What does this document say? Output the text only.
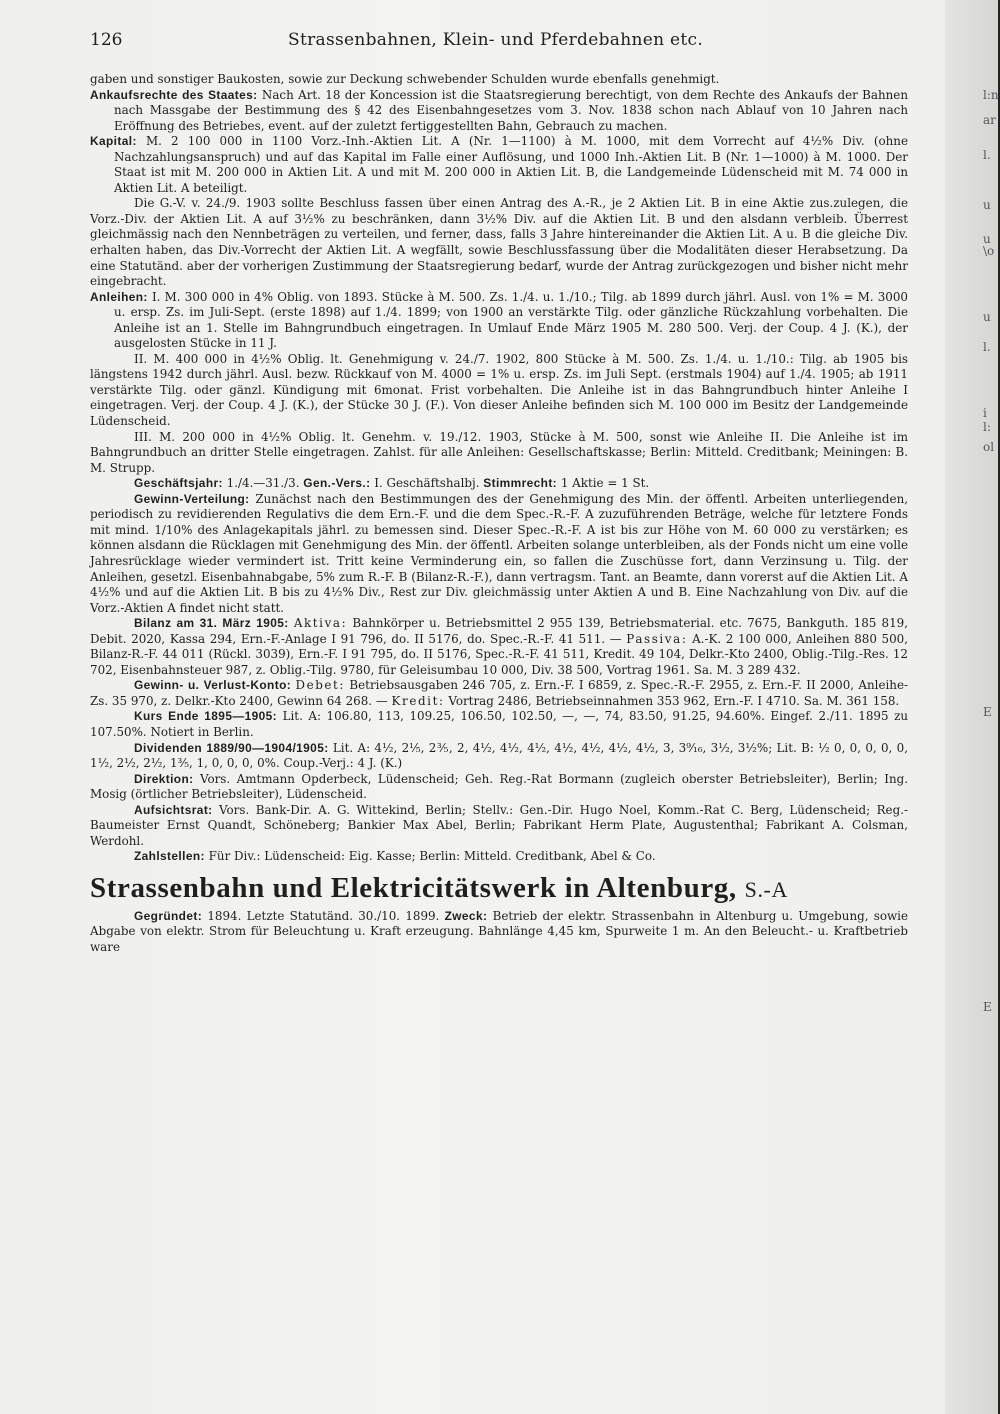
126	Strassenbahnen, Klein- und Pferdebahnen etc.

gaben und sonstiger Baukosten, sowie zur Deckung schwebender Schulden wurde ebenfalls genehmigt.

Ankaufsrechte des Staates: Nach Art. 18 der Koncession ist die Staatsregierung berechtigt, von dem Rechte des Ankaufs der Bahnen nach Massgabe der Bestimmung des § 42 des Eisenbahngesetzes vom 3. Nov. 1838 schon nach Ablauf von 10 Jahren nach Eröffnung des Betriebes, event. auf der zuletzt fertiggestellten Bahn, Gebrauch zu machen.

Kapital: M. 2 100 000 in 1100 Vorz.-Inh.-Aktien Lit. A (Nr. 1—1100) à M. 1000, mit dem Vorrecht auf 4½% Div. (ohne Nachzahlungsanspruch) und auf das Kapital im Falle einer Auflösung, und 1000 Inh.-Aktien Lit. B (Nr. 1—1000) à M. 1000. Der Staat ist mit M. 200 000 in Aktien Lit. A und mit M. 200 000 in Aktien Lit. B, die Landgemeinde Lüdenscheid mit M. 74 000 in Aktien Lit. A beteiligt.

Die G.-V. v. 24./9. 1903 sollte Beschluss fassen über einen Antrag des A.-R., je 2 Aktien Lit. B in eine Aktie zus.zulegen, die Vorz.-Div. der Aktien Lit. A auf 3½% zu beschränken, dann 3½% Div. auf die Aktien Lit. B und den alsdann verbleib. Überrest gleichmässig nach den Nennbeträgen zu verteilen, und ferner, dass, falls 3 Jahre hintereinander die Aktien Lit. A u. B die gleiche Div. erhalten haben, das Div.-Vorrecht der Aktien Lit. A wegfällt, sowie Beschlussfassung über die Modalitäten dieser Herabsetzung. Da eine Statutänd. aber der vorherigen Zustimmung der Staatsregierung bedarf, wurde der Antrag zurückgezogen und bisher nicht mehr eingebracht.

Anleihen: I. M. 300 000 in 4% Oblig. von 1893. Stücke à M. 500. Zs. 1./4. u. 1./10.; Tilg. ab 1899 durch jährl. Ausl. von 1% = M. 3000 u. ersp. Zs. im Juli-Sept. (erste 1898) auf 1./4. 1899; von 1900 an verstärkte Tilg. oder gänzliche Rückzahlung vorbehalten. Die Anleihe ist an 1. Stelle im Bahngrundbuch eingetragen. In Umlauf Ende März 1905 M. 280 500. Verj. der Coup. 4 J. (K.), der ausgelosten Stücke in 11 J.

II. M. 400 000 in 4½% Oblig. lt. Genehmigung v. 24./7. 1902, 800 Stücke à M. 500. Zs. 1./4. u. 1./10.: Tilg. ab 1905 bis längstens 1942 durch jährl. Ausl. bezw. Rückkauf von M. 4000 = 1% u. ersp. Zs. im Juli Sept. (erstmals 1904) auf 1./4. 1905; ab 1911 verstärkte Tilg. oder gänzl. Kündigung mit 6monat. Frist vorbehalten. Die Anleihe ist in das Bahngrundbuch hinter Anleihe I eingetragen. Verj. der Coup. 4 J. (K.), der Stücke 30 J. (F.). Von dieser Anleihe befinden sich M. 100 000 im Besitz der Landgemeinde Lüdenscheid.

III. M. 200 000 in 4½% Oblig. lt. Genehm. v. 19./12. 1903, Stücke à M. 500, sonst wie Anleihe II. Die Anleihe ist im Bahngrundbuch an dritter Stelle eingetragen. Zahlst. für alle Anleihen: Gesellschaftskasse; Berlin: Mitteld. Creditbank; Meiningen: B. M. Strupp.

Geschäftsjahr: 1./4.—31./3. Gen.-Vers.: I. Geschäftshalbj. Stimmrecht: 1 Aktie = 1 St.

Gewinn-Verteilung: Zunächst nach den Bestimmungen des der Genehmigung des Min. der öffentl. Arbeiten unterliegenden, periodisch zu revidierenden Regulativs die dem Ern.-F. und die dem Spec.-R.-F. A zuzuführenden Beträge, welche für letztere Fonds mit mind. 1/10% des Anlagekapitals jährl. zu bemessen sind. Dieser Spec.-R.-F. A ist bis zur Höhe von M. 60 000 zu verstärken; es können alsdann die Rücklagen mit Genehmigung des Min. der öffentl. Arbeiten solange unterbleiben, als der Fonds nicht um eine volle Jahresrücklage wieder vermindert ist. Tritt keine Verminderung ein, so fallen die Zuschüsse fort, dann Verzinsung u. Tilg. der Anleihen, gesetzl. Eisenbahnabgabe, 5% zum R.-F. B (Bilanz-R.-F.), dann vertragsm. Tant. an Beamte, dann vorerst auf die Aktien Lit. A 4½% und auf die Aktien Lit. B bis zu 4½% Div., Rest zur Div. gleichmässig unter Aktien A und B. Eine Nachzahlung von Div. auf die Vorz.-Aktien A findet nicht statt.

Bilanz am 31. März 1905: Aktiva: Bahnkörper u. Betriebsmittel 2 955 139, Betriebsmaterial. etc. 7675, Bankguth. 185 819, Debit. 2020, Kassa 294, Ern.-F.-Anlage I 91 796, do. II 5176, do. Spec.-R.-F. 41 511. — Passiva: A.-K. 2 100 000, Anleihen 880 500, Bilanz-R.-F. 44 011 (Rückl. 3039), Ern.-F. I 91 795, do. II 5176, Spec.-R.-F. 41 511, Kredit. 49 104, Delkr.-Kto 2400, Oblig.-Tilg.-Res. 12 702, Eisenbahnsteuer 987, z. Oblig.-Tilg. 9780, für Geleisumbau 10 000, Div. 38 500, Vortrag 1961. Sa. M. 3 289 432.

Gewinn- u. Verlust-Konto: Debet: Betriebsausgaben 246 705, z. Ern.-F. I 6859, z. Spec.-R.-F. 2955, z. Ern.-F. II 2000, Anleihe-Zs. 35 970, z. Delkr.-Kto 2400, Gewinn 64 268. — Kredit: Vortrag 2486, Betriebseinnahmen 353 962, Ern.-F. I 4710. Sa. M. 361 158.

Kurs Ende 1895—1905: Lit. A: 106.80, 113, 109.25, 106.50, 102.50, —, —, 74, 83.50, 91.25, 94.60%. Eingef. 2./11. 1895 zu 107.50%. Notiert in Berlin.

Dividenden 1889/90—1904/1905: Lit. A: 4½, 2⅕, 2⅗, 2, 4½, 4½, 4½, 4½, 4½, 4½, 4½, 3, 3⁹⁄₁₆, 3½, 3½%; Lit. B: ½ 0, 0, 0, 0, 0, 1½, 2½, 2½, 1⅗, 1, 0, 0, 0, 0%. Coup.-Verj.: 4 J. (K.)

Direktion: Vors. Amtmann Opderbeck, Lüdenscheid; Geh. Reg.-Rat Bormann (zugleich oberster Betriebsleiter), Berlin; Ing. Mosig (örtlicher Betriebsleiter), Lüdenscheid.

Aufsichtsrat: Vors. Bank-Dir. A. G. Wittekind, Berlin; Stellv.: Gen.-Dir. Hugo Noel, Komm.-Rat C. Berg, Lüdenscheid; Reg.-Baumeister Ernst Quandt, Schöneberg; Bankier Max Abel, Berlin; Fabrikant Herm Plate, Augustenthal; Fabrikant A. Colsman, Werdohl.

Zahlstellen: Für Div.: Lüdenscheid: Eig. Kasse; Berlin: Mitteld. Creditbank, Abel & Co.

Strassenbahn und Elektricitätswerk in Altenburg, S.-A

Gegründet: 1894. Letzte Statutänd. 30./10. 1899. Zweck: Betrieb der elektr. Strassenbahn in Altenburg u. Umgebung, sowie Abgabe von elektr. Strom für Beleuchtung u. Kraft erzeugung. Bahnlänge 4,45 km, Spurweite 1 m. An den Beleucht.- u. Kraftbetrieb ware

l:n
ar
l.
u
u
\o
u
l.
i
l:
ol
E
E
